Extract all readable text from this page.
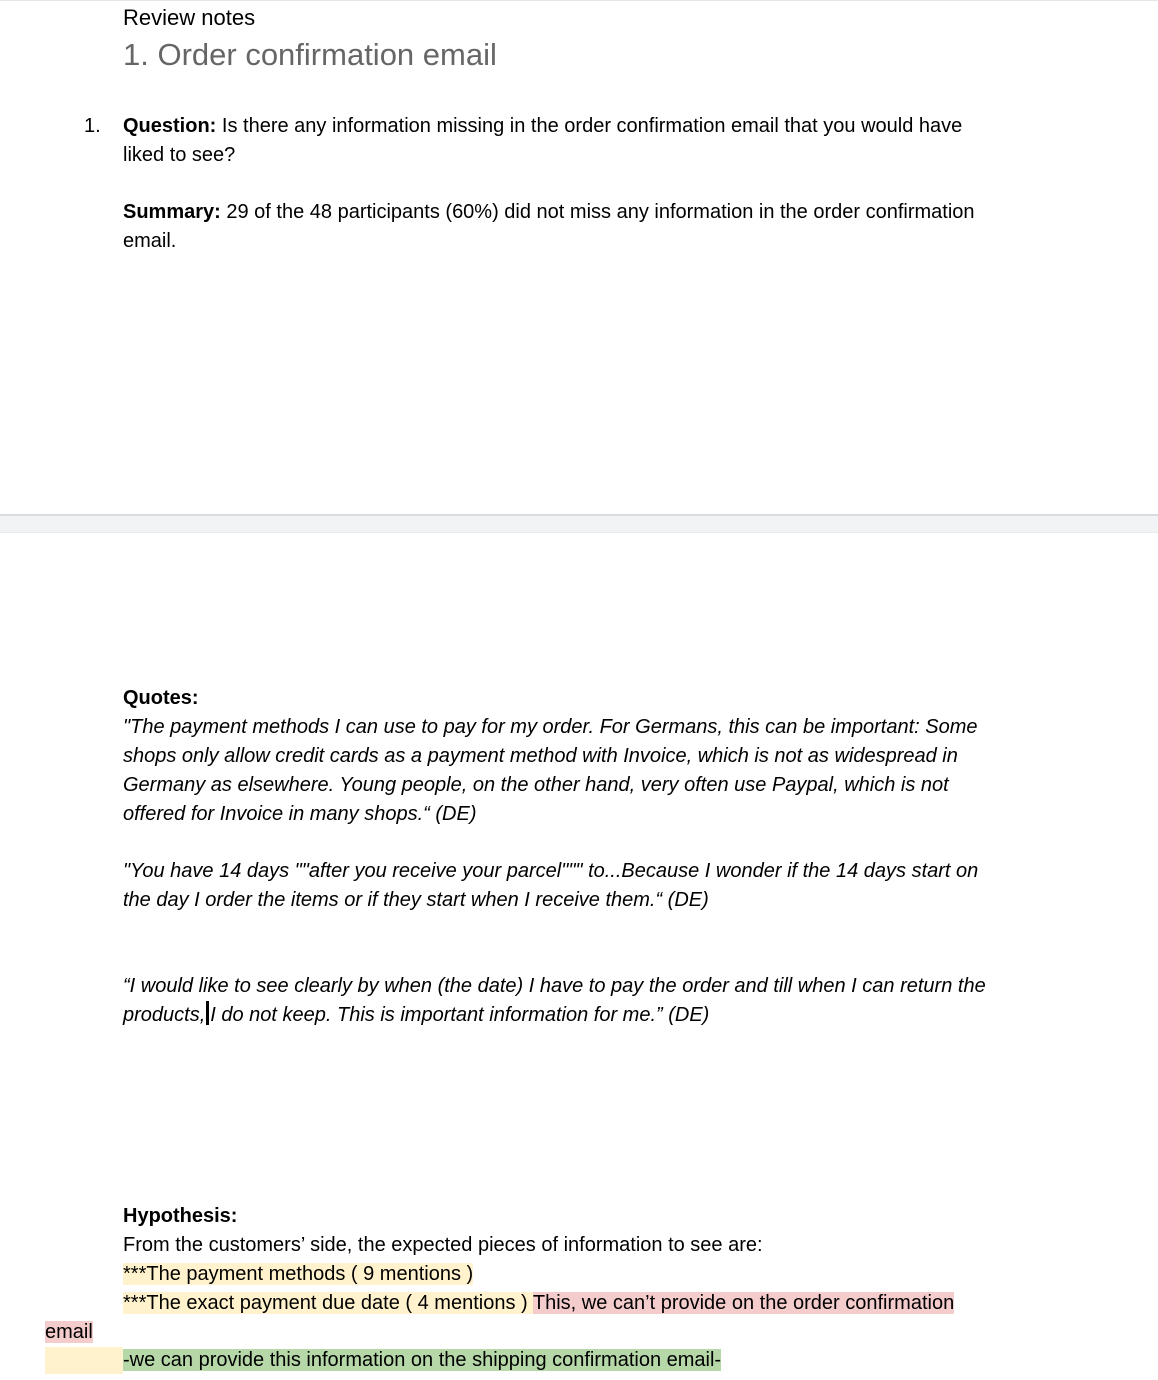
Review notes
1. Order confirmation email
1. Question: Is there any information missing in the order confirmation email that you would have
liked to see?
Summary: 29 of the 48 participants (60%) did not miss any information in the order confirmation
email.
Quotes:
"The payment methods I can use to pay for my order. For Germans, this can be important: Some
shops only allow credit cards as a payment method with Invoice, which is not as widespread in
Germany as elsewhere. Young people, on the other hand, very often use Paypal, which is not
offered for Invoice in many shops.“ (DE)
"You have 14 days ""after you receive your parcel""" to...Because I wonder if the 14 days start on
the day I order the items or if they start when I receive them.“ (DE)
“I would like to see clearly by when (the date) I have to pay the order and till when I can return the
products, I do not keep. This is important information for me.” (DE)
Hypothesis:
From the customers’ side, the expected pieces of information to see are:
***The payment methods ( 9 mentions )
***The exact payment due date ( 4 mentions ) This, we can’t provide on the order confirmation
email
-we can provide this information on the shipping confirmation email-
